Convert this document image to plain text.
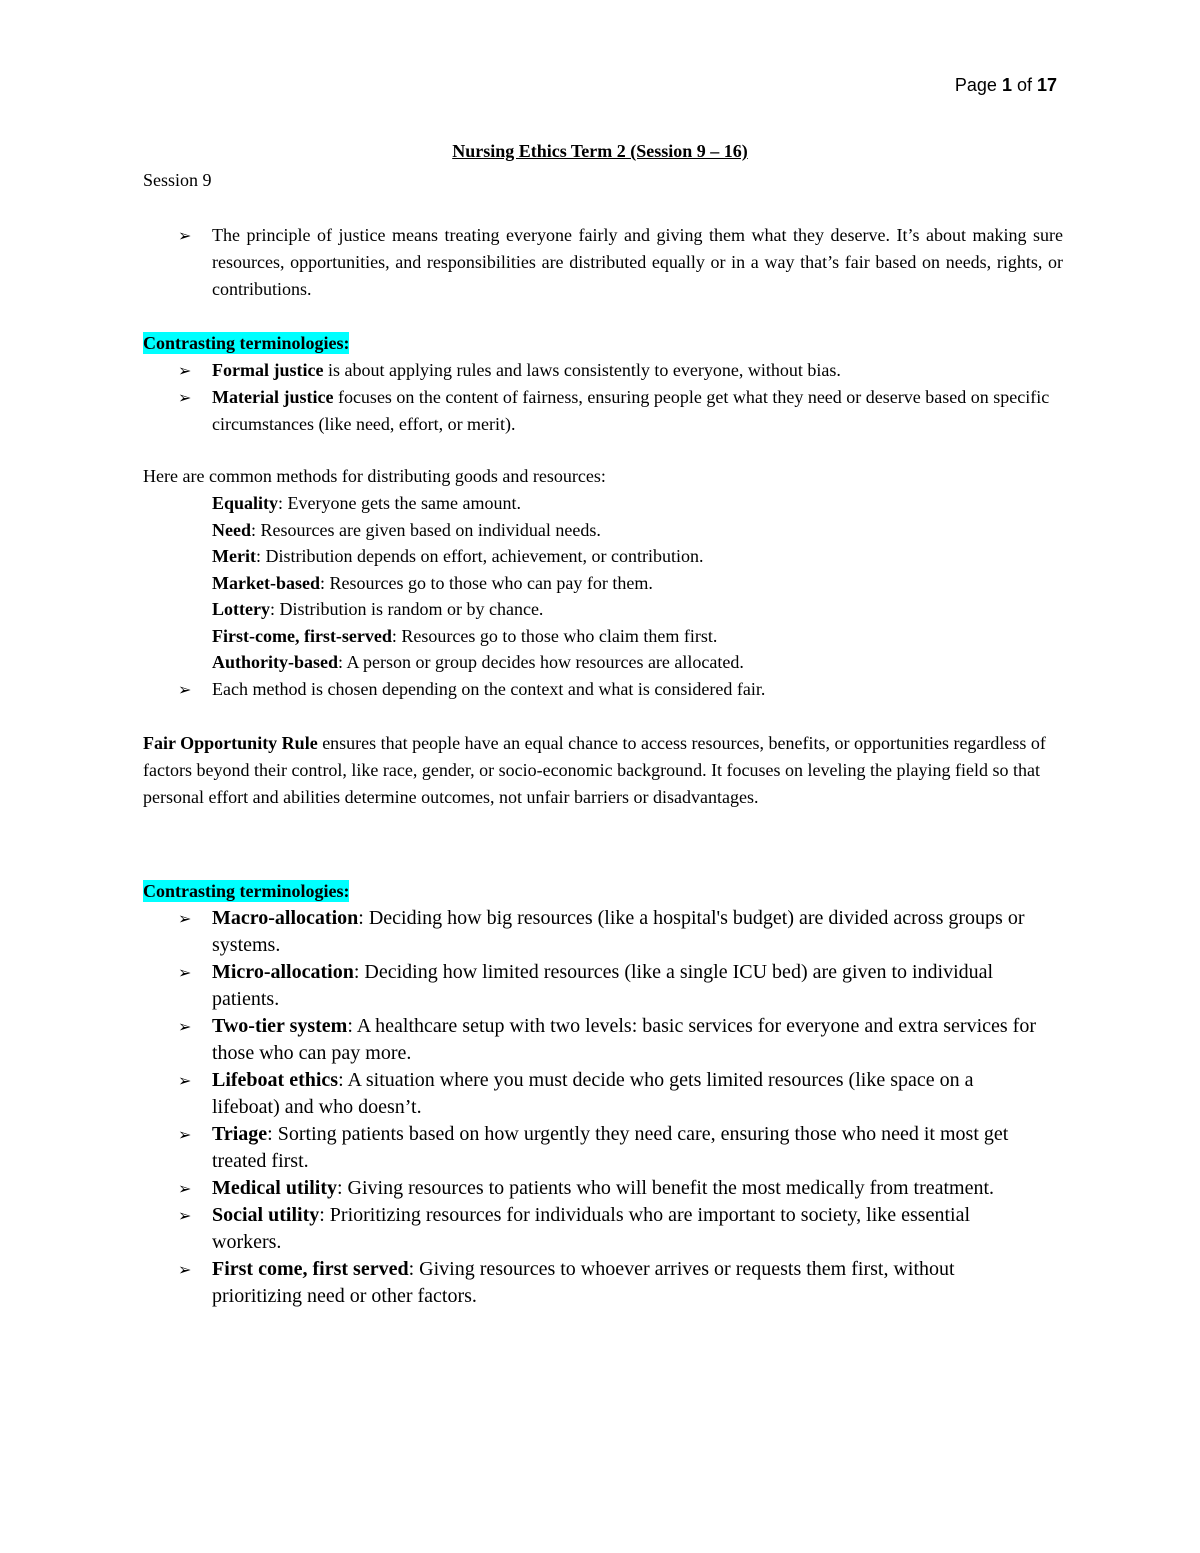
Page 1 of 17
Nursing Ethics Term 2 (Session 9 – 16)
Session 9
➢	The principle of justice means treating everyone fairly and giving them what they deserve. It’s about making sure resources, opportunities, and responsibilities are distributed equally or in a way that’s fair based on needs, rights, or contributions.
Contrasting terminologies:
➢	Formal justice is about applying rules and laws consistently to everyone, without bias.
➢	Material justice focuses on the content of fairness, ensuring people get what they need or deserve based on specific circumstances (like need, effort, or merit).
Here are common methods for distributing goods and resources:
Equality: Everyone gets the same amount.
Need: Resources are given based on individual needs.
Merit: Distribution depends on effort, achievement, or contribution.
Market-based: Resources go to those who can pay for them.
Lottery: Distribution is random or by chance.
First-come, first-served: Resources go to those who claim them first.
Authority-based: A person or group decides how resources are allocated.
➢	Each method is chosen depending on the context and what is considered fair.
Fair Opportunity Rule ensures that people have an equal chance to access resources, benefits, or opportunities regardless of factors beyond their control, like race, gender, or socio-economic background. It focuses on leveling the playing field so that personal effort and abilities determine outcomes, not unfair barriers or disadvantages.
Contrasting terminologies:
➢	Macro-allocation: Deciding how big resources (like a hospital's budget) are divided across groups or systems.
➢	Micro-allocation: Deciding how limited resources (like a single ICU bed) are given to individual patients.
➢	Two-tier system: A healthcare setup with two levels: basic services for everyone and extra services for those who can pay more.
➢	Lifeboat ethics: A situation where you must decide who gets limited resources (like space on a lifeboat) and who doesn’t.
➢	Triage: Sorting patients based on how urgently they need care, ensuring those who need it most get treated first.
➢	Medical utility: Giving resources to patients who will benefit the most medically from treatment.
➢	Social utility: Prioritizing resources for individuals who are important to society, like essential workers.
➢	First come, first served: Giving resources to whoever arrives or requests them first, without prioritizing need or other factors.
